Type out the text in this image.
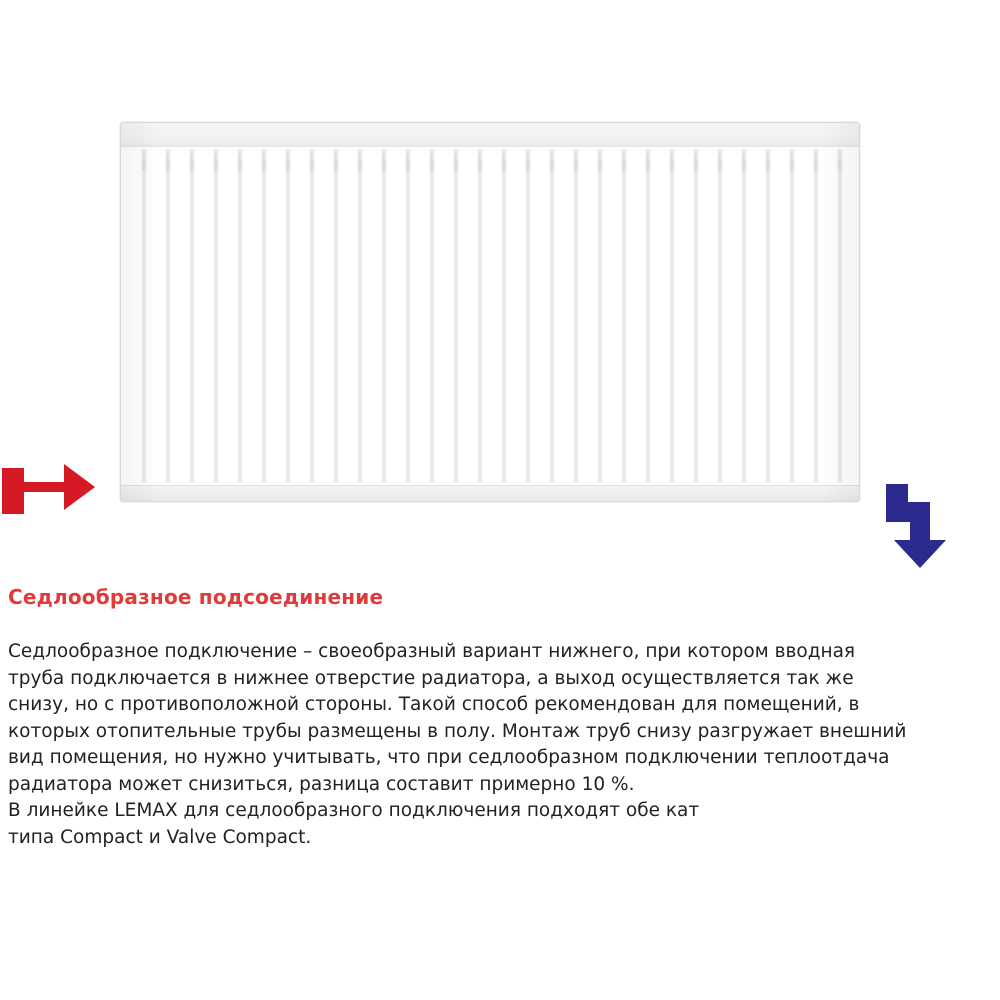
Седлообразное подсоединение
Седлообразное подключение – своеобразный вариант нижнего, при котором вводная
труба подключается в нижнее отверстие радиатора, а выход осуществляется так же
снизу, но с противоположной стороны. Такой способ рекомендован для помещений, в
которых отопительные трубы размещены в полу. Монтаж труб снизу разгружает внешний
вид помещения, но нужно учитывать, что при седлообразном подключении теплоотдача
радиатора может снизиться, разница составит примерно 10 %.
В линейке LEMAX для седлообразного подключения подходят обе кат
типа Compact и Valve Compact.
